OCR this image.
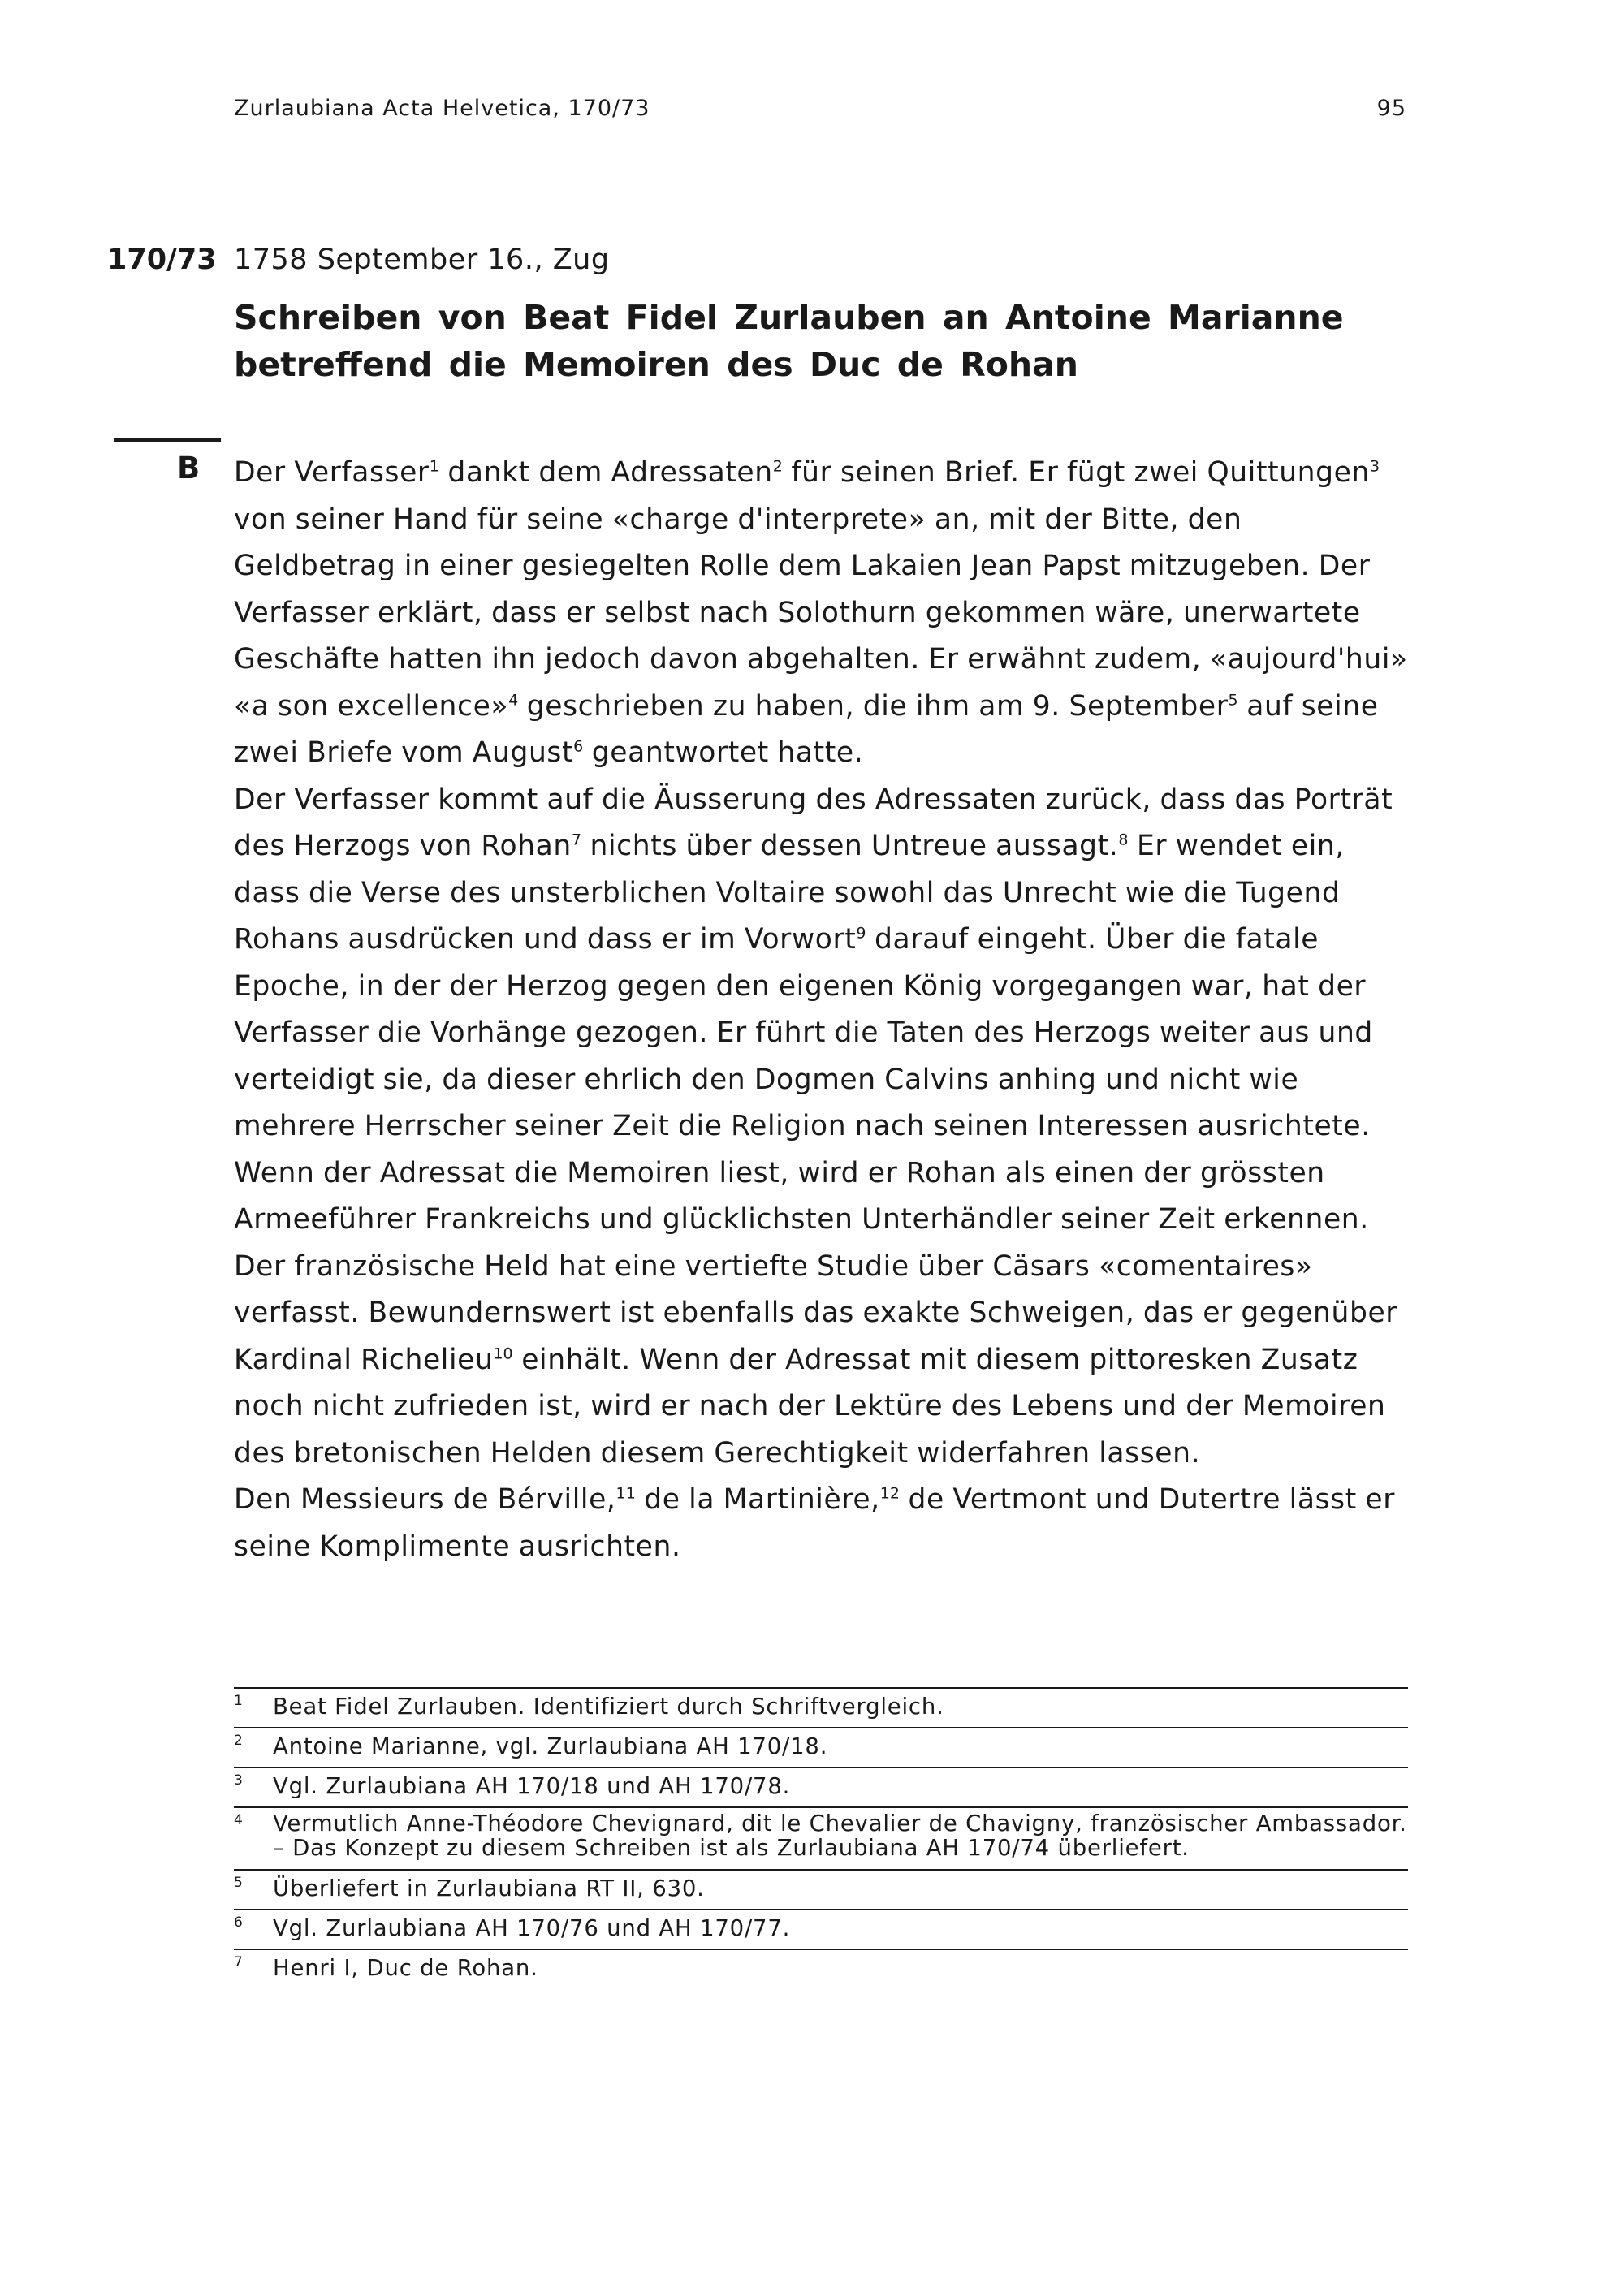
Zurlaubiana Acta Helvetica, 170/73	95
170/73 1758 September 16., Zug
Schreiben von Beat Fidel Zurlauben an Antoine Marianne
betreffend die Memoiren des Duc de Rohan
B Der Verfasser$^1$ dankt dem Adressaten$^2$ für seinen Brief. Er fügt zwei Quittungen$^3$ von seiner Hand für seine «charge d'interprete» an, mit der Bitte, den Geldbetrag in einer gesiegelten Rolle dem Lakaien Jean Papst mitzugeben. Der Verfasser erklärt, dass er selbst nach Solothurn gekommen wäre, unerwartete Geschäfte hatten ihn jedoch davon abgehalten. Er erwähnt zudem, «aujourd'hui» «a son excellence»$^4$ geschrieben zu haben, die ihm am 9. September$^5$ auf seine zwei Briefe vom August$^6$ geantwortet hatte.

Der Verfasser kommt auf die Äusserung des Adressaten zurück, dass das Porträt des Herzogs von Rohan$^7$ nichts über dessen Untreue aussagt.$^8$ Er wendet ein, dass die Verse des unsterblichen Voltaire sowohl das Unrecht wie die Tugend Rohans ausdrücken und dass er im Vorwort$^9$ darauf eingeht. Über die fatale Epoche, in der der Herzog gegen den eigenen König vorgegangen war, hat der Verfasser die Vorhänge gezogen. Er führt die Taten des Herzogs weiter aus und verteidigt sie, da dieser ehrlich den Dogmen Calvins anhing und nicht wie mehrere Herrscher seiner Zeit die Religion nach seinen Interessen ausrichtete. Wenn der Adressat die Memoiren liest, wird er Rohan als einen der grössten Armeeführer Frankreichs und glücklichsten Unterhändler seiner Zeit erkennen. Der französische Held hat eine vertiefte Studie über Cäsars «comentaires» verfasst. Bewundernswert ist ebenfalls das exakte Schweigen, das er gegenüber Kardinal Richelieu$^{10}$ einhält. Wenn der Adressat mit diesem pittoresken Zusatz noch nicht zufrieden ist, wird er nach der Lektüre des Lebens und der Memoiren des bretonischen Helden diesem Gerechtigkeit widerfahren lassen.

Den Messieurs de Bérville,$^{11}$ de la Martinière,$^{12}$ de Vertmont und Dutertre lässt er seine Komplimente ausrichten.

1	Beat Fidel Zurlauben. Identifiziert durch Schriftvergleich.
2	Antoine Marianne, vgl. Zurlaubiana AH 170/18.
3	Vgl. Zurlaubiana AH 170/18 und AH 170/78.
4	Vermutlich Anne-Théodore Chevignard, dit le Chevalier de Chavigny, französischer Ambassador. – Das Konzept zu diesem Schreiben ist als Zurlaubiana AH 170/74 überliefert.
5	Überliefert in Zurlaubiana RT II, 630.
6	Vgl. Zurlaubiana AH 170/76 und AH 170/77.
7	Henri I, Duc de Rohan.
